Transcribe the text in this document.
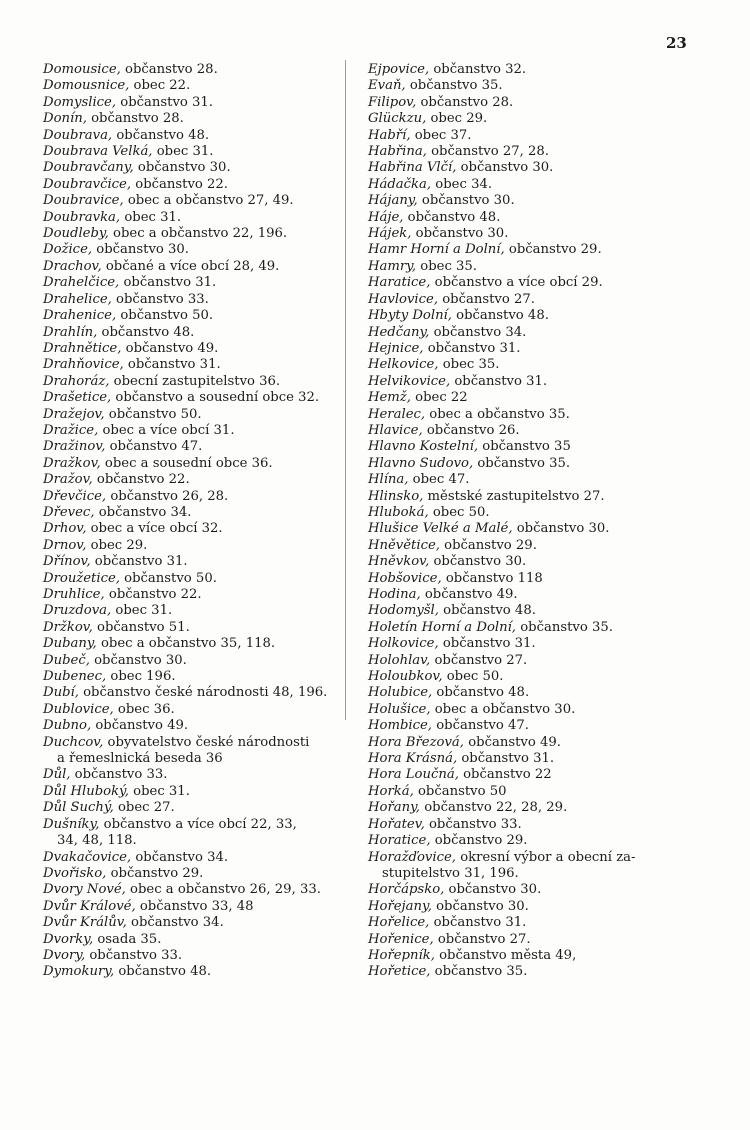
23
Domousice, občanstvo 28.
Domousnice, obec 22.
Domyslice, občanstvo 31.
Donín, občanstvo 28.
Doubrava, občanstvo 48.
Doubrava Velká, obec 31.
Doubravčany, občanstvo 30.
Doubravčice, občanstvo 22.
Doubravice, obec a občanstvo 27, 49.
Doubravka, obec 31.
Doudleby, obec a občanstvo 22, 196.
Dožice, občanstvo 30.
Drachov, občané a více obcí 28, 49.
Drahelčice, občanstvo 31.
Drahelice, občanstvo 33.
Drahenice, občanstvo 50.
Drahlín, občanstvo 48.
Drahnětice, občanstvo 49.
Drahňovice, občanstvo 31.
Drahoráz, obecní zastupitelstvo 36.
Drašetice, občanstvo a sousední obce 32.
Dražejov, občanstvo 50.
Dražice, obec a více obcí 31.
Dražinov, občanstvo 47.
Dražkov, obec a sousední obce 36.
Dražov, občanstvo 22.
Dřevčice, občanstvo 26, 28.
Dřevec, občanstvo 34.
Drhov, obec a více obcí 32.
Drnov, obec 29.
Dřínov, občanstvo 31.
Droužetice, občanstvo 50.
Druhlice, občanstvo 22.
Druzdova, obec 31.
Držkov, občanstvo 51.
Dubany, obec a občanstvo 35, 118.
Dubeč, občanstvo 30.
Dubenec, obec 196.
Dubí, občanstvo české národnosti 48, 196.
Dublovice, obec 36.
Dubno, občanstvo 49.
Duchcov, obyvatelstvo české národnosti
a řemeslnická beseda 36
Důl, občanstvo 33.
Důl Hluboký, obec 31.
Důl Suchý, obec 27.
Dušníky, občanstvo a více obcí 22, 33,
34, 48, 118.
Dvakačovice, občanstvo 34.
Dvořisko, občanstvo 29.
Dvory Nové, obec a občanstvo 26, 29, 33.
Dvůr Králové, občanstvo 33, 48
Dvůr Králův, občanstvo 34.
Dvorky, osada 35.
Dvory, občanstvo 33.
Dymokury, občanstvo 48.
Ejpovice, občanstvo 32.
Evaň, občanstvo 35.
Filipov, občanstvo 28.
Glückzu, obec 29.
Habří, obec 37.
Habřina, občanstvo 27, 28.
Habřina Vlčí, občanstvo 30.
Hádačka, obec 34.
Hájany, občanstvo 30.
Háje, občanstvo 48.
Hájek, občanstvo 30.
Hamr Horní a Dolní, občanstvo 29.
Hamry, obec 35.
Haratice, občanstvo a více obcí 29.
Havlovice, občanstvo 27.
Hbyty Dolní, občanstvo 48.
Hedčany, občanstvo 34.
Hejnice, občanstvo 31.
Helkovice, obec 35.
Helvikovice, občanstvo 31.
Hemž, obec 22
Heralec, obec a občanstvo 35.
Hlavice, občanstvo 26.
Hlavno Kostelní, občanstvo 35
Hlavno Sudovo, občanstvo 35.
Hlína, obec 47.
Hlinsko, městské zastupitelstvo 27.
Hluboká, obec 50.
Hlušice Velké a Malé, občanstvo 30.
Hněvětice, občanstvo 29.
Hněvkov, občanstvo 30.
Hobšovice, občanstvo 118
Hodina, občanstvo 49.
Hodomyšl, občanstvo 48.
Holetín Horní a Dolní, občanstvo 35.
Holkovice, občanstvo 31.
Holohlav, občanstvo 27.
Holoubkov, obec 50.
Holubice, občanstvo 48.
Holušice, obec a občanstvo 30.
Hombice, občanstvo 47.
Hora Březová, občanstvo 49.
Hora Krásná, občanstvo 31.
Hora Loučná, občanstvo 22
Horká, občanstvo 50
Hořany, občanstvo 22, 28, 29.
Hořatev, občanstvo 33.
Horatice, občanstvo 29.
Horažďovice, okresní výbor a obecní za-
stupitelstvo 31, 196.
Horčápsko, občanstvo 30.
Hořejany, občanstvo 30.
Hořelice, občanstvo 31.
Hořenice, občanstvo 27.
Hořepník, občanstvo města 49,
Hořetice, občanstvo 35.
